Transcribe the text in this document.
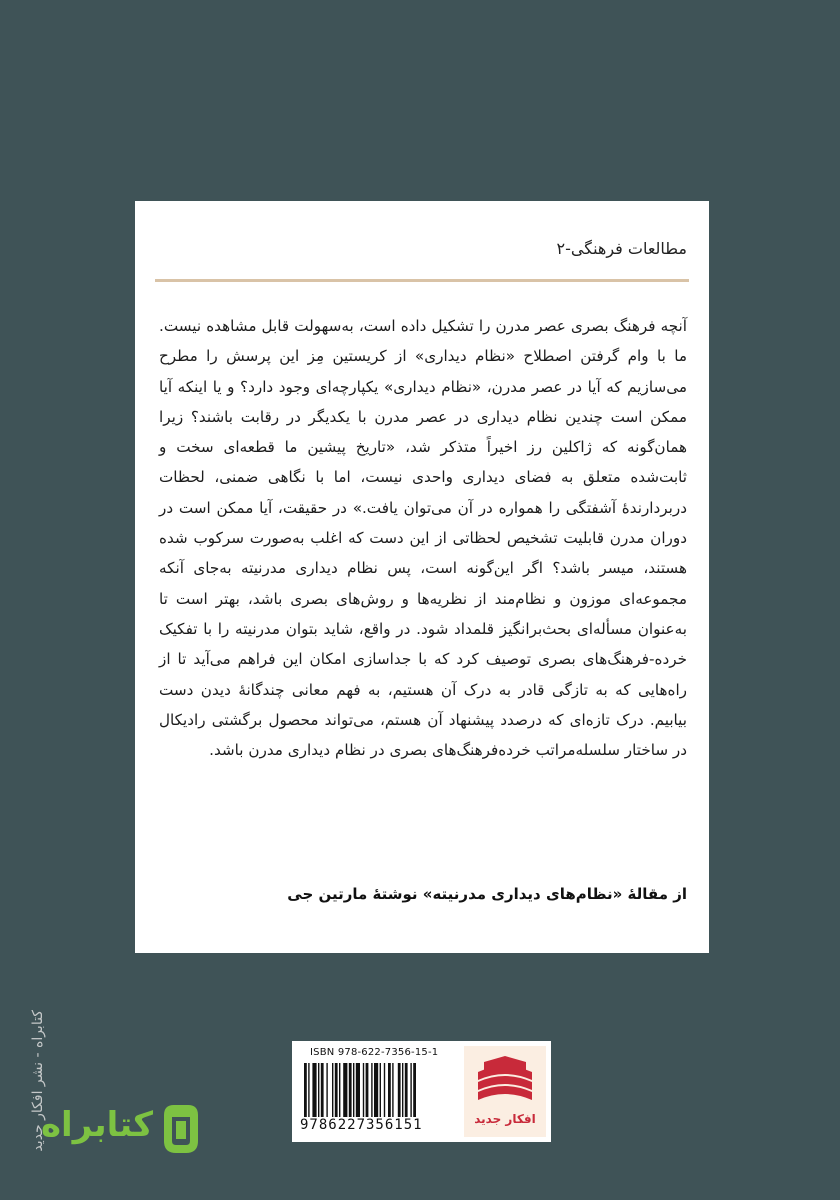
مطالعات فرهنگی-۲

آنچه فرهنگ بصری عصر مدرن را تشکیل داده است، به‌سهولت قابل مشاهده نیست. ما با وام گرفتن اصطلاح «نظام دیداری» از کریستین مِز این پرسش را مطرح می‌سازیم که آیا در عصر مدرن، «نظام دیداری» یکپارچه‌ای وجود دارد؟ و یا اینکه آیا ممکن است چندین نظام دیداری در عصر مدرن با یکدیگر در رقابت باشند؟ زیرا همان‌گونه که ژاکلین رز اخیراً متذکر شد، «تاریخ پیشین ما قطعه‌ای سخت و ثابت‌شده متعلق به فضای دیداری واحدی نیست، اما با نگاهی ضمنی، لحظات دربردارندهٔ آشفتگی را همواره در آن می‌توان یافت.» در حقیقت، آیا ممکن است در دوران مدرن قابلیت تشخیص لحظاتی از این دست که اغلب به‌صورت سرکوب شده هستند، میسر باشد؟ اگر این‌گونه است، پس نظام دیداری مدرنیته به‌جای آنکه مجموعه‌ای موزون و نظام‌مند از نظریه‌ها و روش‌های بصری باشد، بهتر است تا به‌عنوان مسأله‌ای بحث‌برانگیز قلمداد شود. در واقع، شاید بتوان مدرنیته را با تفکیک خرده-فرهنگ‌های بصری توصیف کرد که با جداسازی امکان این فراهم می‌آید تا از راه‌هایی که به تازگی قادر به درک آن هستیم، به فهم معانی چندگانهٔ دیدن دست بیابیم. درک تازه‌ای که درصدد پیشنهاد آن هستم، می‌تواند محصول برگشتی رادیکال در ساختار سلسله‌مراتب خرده‌فرهنگ‌های بصری در نظام دیداری مدرن باشد.

از مقالهٔ «نظام‌های دیداری مدرنیته» نوشتهٔ مارتین جی
ISBN 978-622-7356-15-1
9786227356151	افکار جدید
کتابراه - نشر افکار جدید
کتابراه
